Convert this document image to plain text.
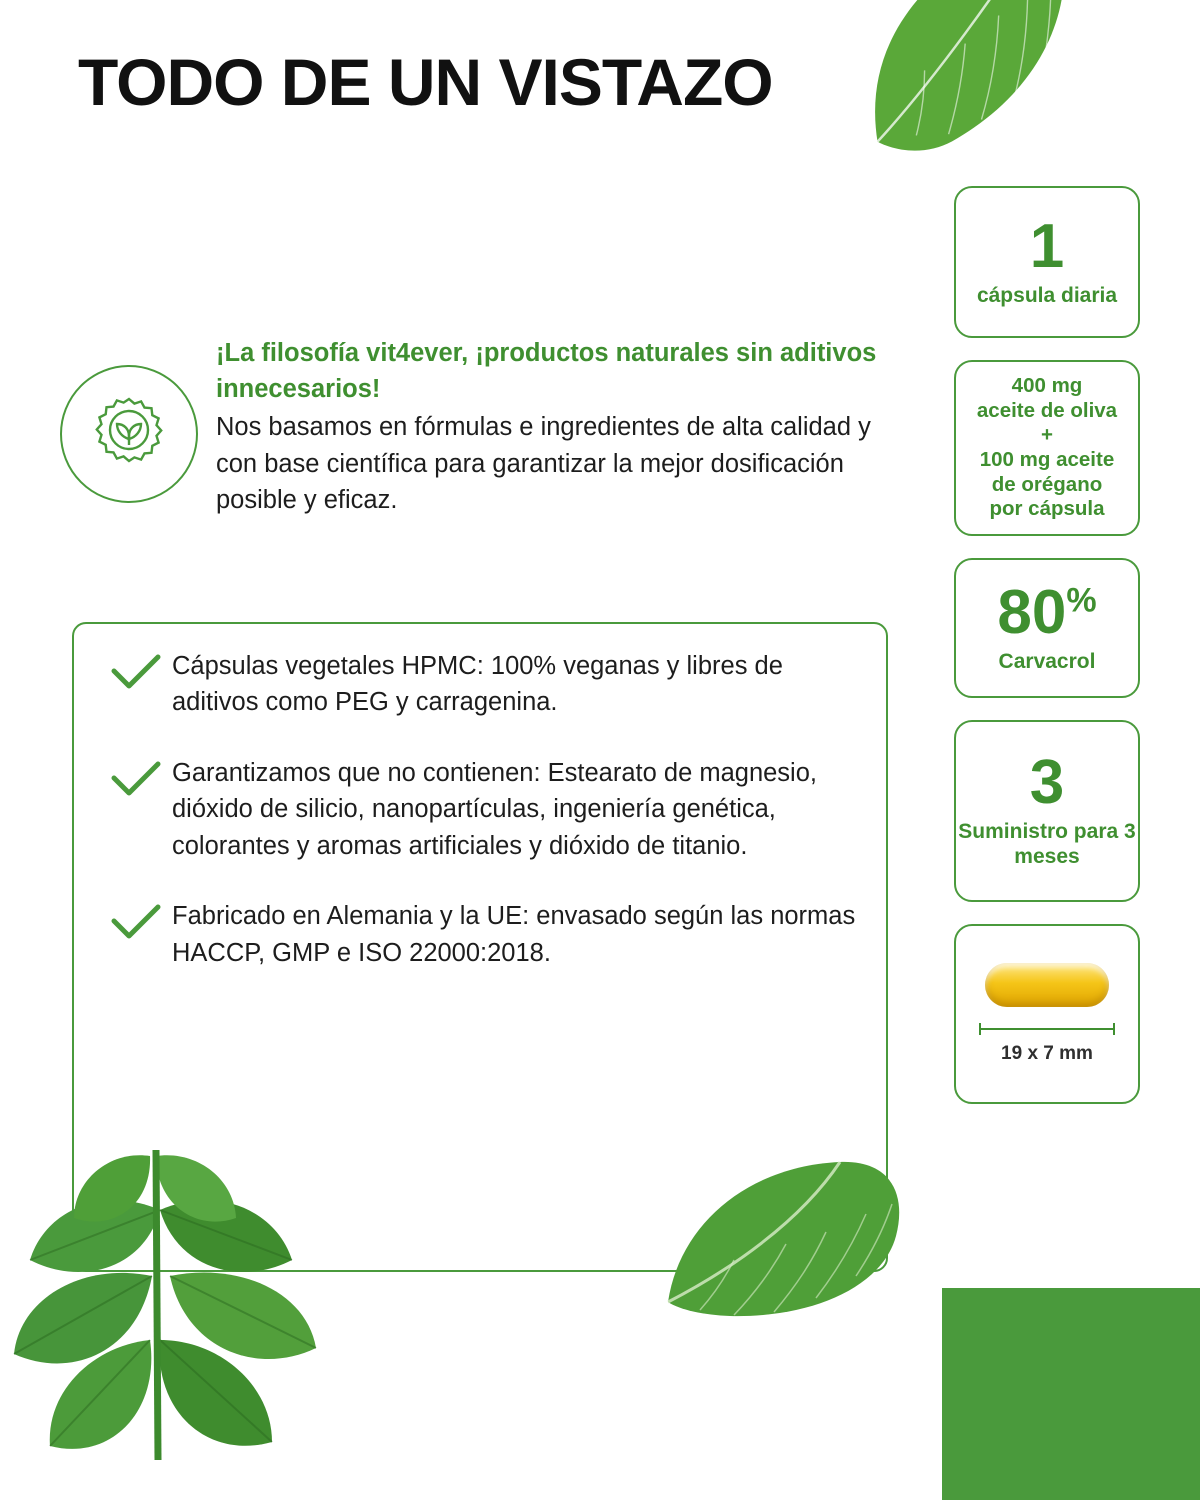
TODO DE UN VISTAZO
¡La filosofía vit4ever, ¡productos naturales sin aditivos innecesarios!
Nos basamos en fórmulas e ingredientes de alta calidad y con base científica para garantizar la mejor dosificación posible y eficaz.
Cápsulas vegetales HPMC: 100% veganas y libres de aditivos como PEG y carragenina.
Garantizamos que no contienen: Estearato de magnesio, dióxido de silicio, nanopartículas, ingeniería genética, colorantes y aromas artificiales y dióxido de titanio.
Fabricado en Alemania y la UE: envasado según las normas HACCP, GMP e ISO 22000:2018.
1
cápsula diaria
400 mg
aceite de oliva
+
100 mg aceite
de orégano
por cápsula
80%
Carvacrol
3
Suministro para 3 meses
19 x 7 mm
